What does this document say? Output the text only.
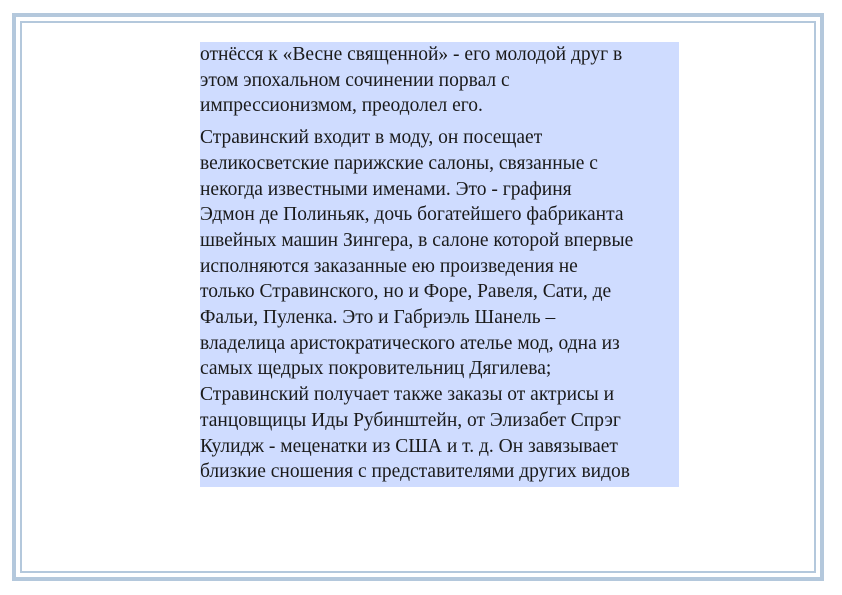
отнёсся к «Весне священной» - его молодой друг в
этом эпохальном сочинении порвал с
импрессионизмом, преодолел его.

Стравинский входит в моду, он посещает
великосветские парижские салоны, связанные с
некогда известными именами. Это - графиня
Эдмон де Полиньяк, дочь богатейшего фабриканта
швейных машин Зингера, в салоне которой впервые
исполняются заказанные ею произведения не
только Стравинского, но и Форе, Равеля, Сати, де
Фальи, Пуленка. Это и Габриэль Шанель –
владелица аристократического ателье мод, одна из
самых щедрых покровительниц Дягилева;
Стравинский получает также заказы от актрисы и
танцовщицы Иды Рубинштейн, от Элизабет Спрэг
Кулидж - меценатки из США и т. д. Он завязывает
близкие сношения с представителями других видов
